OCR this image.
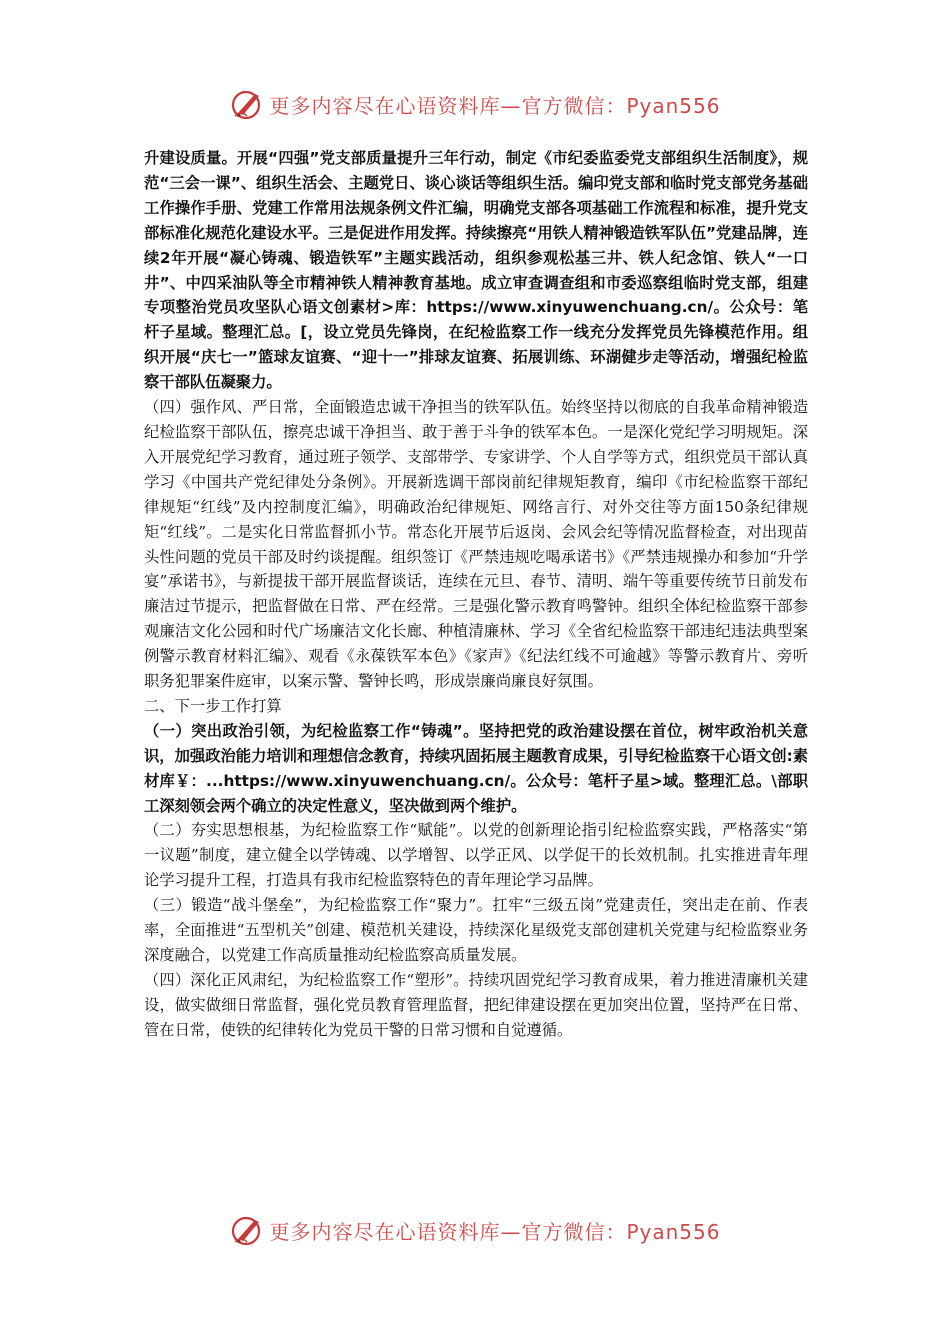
更多内容尽在心语资料库—官方微信：Pyan556

升建设质量。开展“四强”党支部质量提升三年行动，制定《市纪委监委党支部组织生活制度》，规范“三会一课”、组织生活会、主题党日、谈心谈话等组织生活。编印党支部和临时党支部党务基础工作操作手册、党建工作常用法规条例文件汇编，明确党支部各项基础工作流程和标准，提升党支部标准化规范化建设水平。三是促进作用发挥。持续擦亮“用铁人精神锻造铁军队伍”党建品牌，连续2年开展“凝心铸魂、锻造铁军”主题实践活动，组织参观松基三井、铁人纪念馆、铁人“一口井”、中四采油队等全市精神铁人精神教育基地。成立审查调查组和市委巡察组临时党支部，组建专项整治党员攻坚队心语文创素材>库：https://www.xinyuwenchuang.cn/。公众号：笔杆子星域。整理汇总。[，设立党员先锋岗，在纪检监察工作一线充分发挥党员先锋模范作用。组织开展“庆七一”篮球友谊赛、“迎十一”排球友谊赛、拓展训练、环湖健步走等活动，增强纪检监察干部队伍凝聚力。

（四）强作风、严日常，全面锻造忠诚干净担当的铁军队伍。始终坚持以彻底的自我革命精神锻造纪检监察干部队伍，擦亮忠诚干净担当、敢于善于斗争的铁军本色。一是深化党纪学习明规矩。深入开展党纪学习教育，通过班子领学、支部带学、专家讲学、个人自学等方式，组织党员干部认真学习《中国共产党纪律处分条例》。开展新选调干部岗前纪律规矩教育，编印《市纪检监察干部纪律规矩“红线”及内控制度汇编》，明确政治纪律规矩、网络言行、对外交往等方面150条纪律规矩“红线”。二是实化日常监督抓小节。常态化开展节后返岗、会风会纪等情况监督检查，对出现苗头性问题的党员干部及时约谈提醒。组织签订《严禁违规吃喝承诺书》《严禁违规操办和参加“升学宴”承诺书》，与新提拔干部开展监督谈话，连续在元旦、春节、清明、端午等重要传统节日前发布廉洁过节提示，把监督做在日常、严在经常。三是强化警示教育鸣警钟。组织全体纪检监察干部参观廉洁文化公园和时代广场廉洁文化长廊、种植清廉林、学习《全省纪检监察干部违纪违法典型案例警示教育材料汇编》、观看《永葆铁军本色》《家声》《纪法红线不可逾越》等警示教育片、旁听职务犯罪案件庭审，以案示警、警钟长鸣，形成崇廉尚廉良好氛围。

二、下一步工作打算

（一）突出政治引领，为纪检监察工作“铸魂”。坚持把党的政治建设摆在首位，树牢政治机关意识，加强政治能力培训和理想信念教育，持续巩固拓展主题教育成果，引导纪检监察干心语文创:素材库￥：...https://www.xinyuwenchuang.cn/。公众号：笔杆子星>域。整理汇总。\部职工深刻领会两个确立的决定性意义，坚决做到两个维护。

（二）夯实思想根基，为纪检监察工作“赋能”。以党的创新理论指引纪检监察实践，严格落实“第一议题”制度，建立健全以学铸魂、以学增智、以学正风、以学促干的长效机制。扎实推进青年理论学习提升工程，打造具有我市纪检监察特色的青年理论学习品牌。

（三）锻造“战斗堡垒”，为纪检监察工作“聚力”。扛牢“三级五岗”党建责任，突出走在前、作表率，全面推进“五型机关”创建、模范机关建设，持续深化星级党支部创建机关党建与纪检监察业务深度融合，以党建工作高质量推动纪检监察高质量发展。

（四）深化正风肃纪，为纪检监察工作“塑形”。持续巩固党纪学习教育成果，着力推进清廉机关建设，做实做细日常监督，强化党员教育管理监督，把纪律建设摆在更加突出位置，坚持严在日常、管在日常，使铁的纪律转化为党员干警的日常习惯和自觉遵循。

更多内容尽在心语资料库—官方微信：Pyan556
